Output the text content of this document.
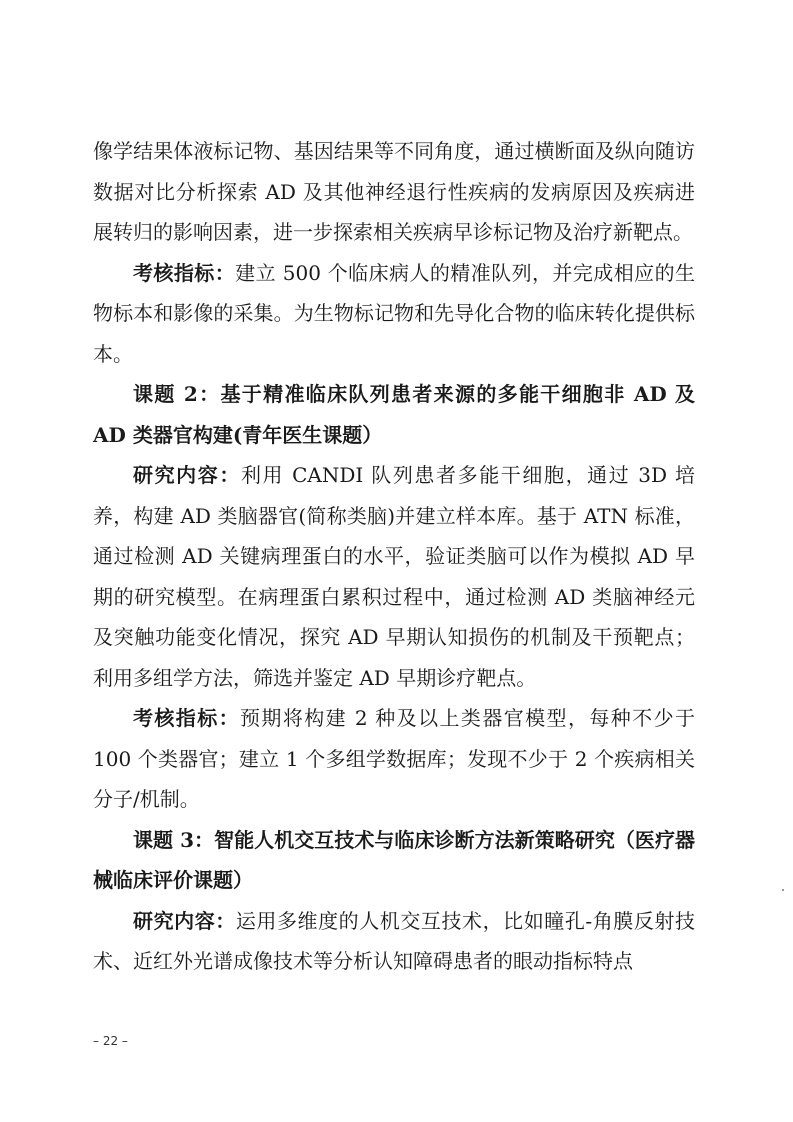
像学结果体液标记物、基因结果等不同角度，通过横断面及纵向随访数据对比分析探索 AD 及其他神经退行性疾病的发病原因及疾病进展转归的影响因素，进一步探索相关疾病早诊标记物及治疗新靶点。

考核指标：建立 500 个临床病人的精准队列，并完成相应的生物标本和影像的采集。为生物标记物和先导化合物的临床转化提供标本。

课题 2：基于精准临床队列患者来源的多能干细胞非 AD 及 AD 类器官构建(青年医生课题）

研究内容：利用 CANDI 队列患者多能干细胞，通过 3D 培养，构建 AD 类脑器官(简称类脑)并建立样本库。基于 ATN 标准，通过检测 AD 关键病理蛋白的水平，验证类脑可以作为模拟 AD 早期的研究模型。在病理蛋白累积过程中，通过检测 AD 类脑神经元及突触功能变化情况，探究 AD 早期认知损伤的机制及干预靶点；利用多组学方法，筛选并鉴定 AD 早期诊疗靶点。

考核指标：预期将构建 2 种及以上类器官模型，每种不少于 100 个类器官；建立 1 个多组学数据库；发现不少于 2 个疾病相关分子/机制。

课题 3：智能人机交互技术与临床诊断方法新策略研究（医疗器械临床评价课题）

研究内容：运用多维度的人机交互技术，比如瞳孔-角膜反射技术、近红外光谱成像技术等分析认知障碍患者的眼动指标特点

– 22 –
